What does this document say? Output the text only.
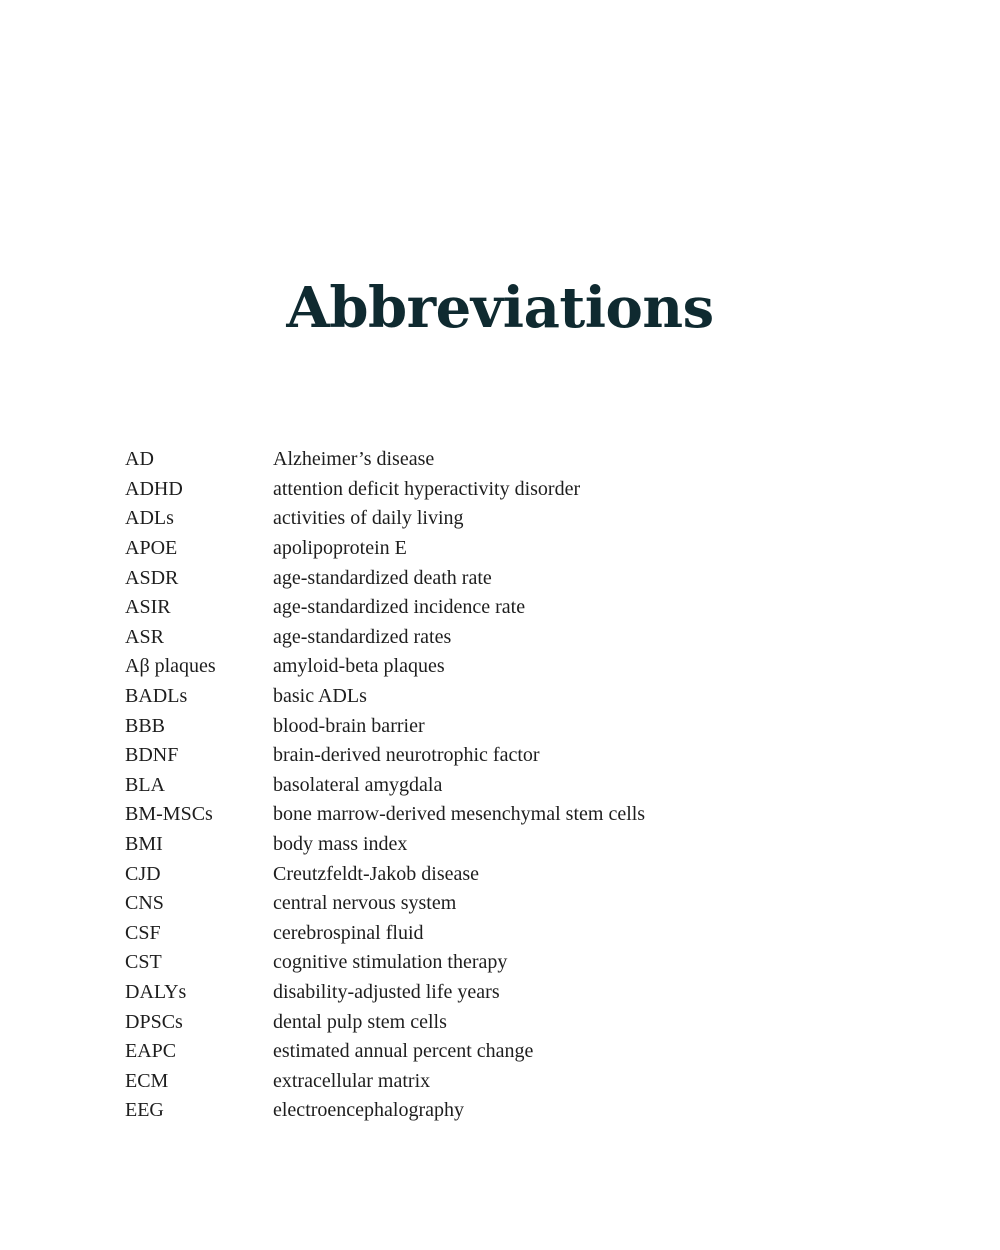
Abbreviations
AD	Alzheimer’s disease
ADHD	attention deficit hyperactivity disorder
ADLs	activities of daily living
APOE	apolipoprotein E
ASDR	age-standardized death rate
ASIR	age-standardized incidence rate
ASR	age-standardized rates
Aβ plaques	amyloid-beta plaques
BADLs	basic ADLs
BBB	blood-brain barrier
BDNF	brain-derived neurotrophic factor
BLA	basolateral amygdala
BM-MSCs	bone marrow-derived mesenchymal stem cells
BMI	body mass index
CJD	Creutzfeldt-Jakob disease
CNS	central nervous system
CSF	cerebrospinal fluid
CST	cognitive stimulation therapy
DALYs	disability-adjusted life years
DPSCs	dental pulp stem cells
EAPC	estimated annual percent change
ECM	extracellular matrix
EEG	electroencephalography
